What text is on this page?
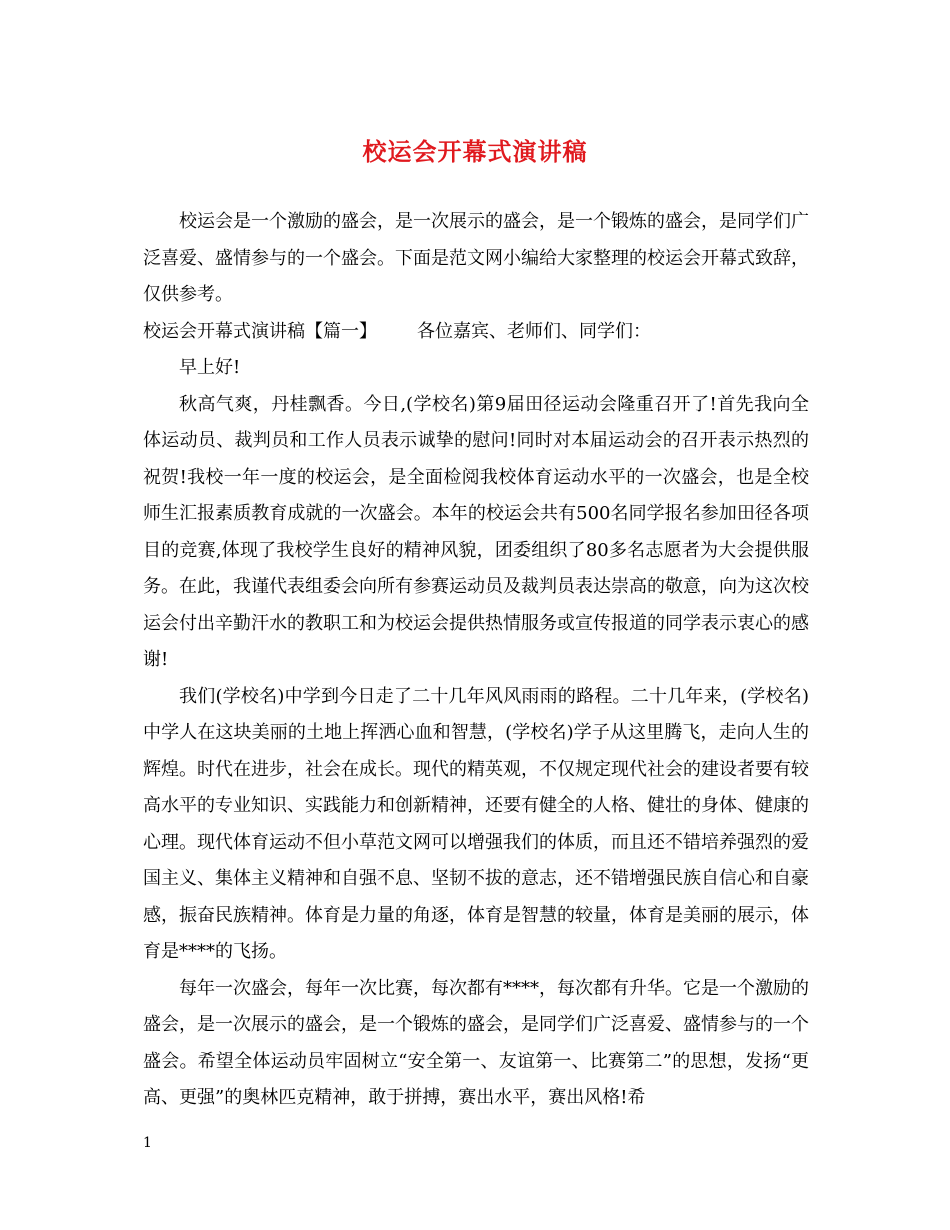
校运会开幕式演讲稿

校运会是一个激励的盛会，是一次展示的盛会，是一个锻炼的盛会，是同学们广泛喜爱、盛情参与的一个盛会。下面是范文网小编给大家整理的校运会开幕式致辞，仅供参考。

校运会开幕式演讲稿【篇一】 各位嘉宾、老师们、同学们：

早上好!

秋高气爽，丹桂飘香。今日,(学校名)第9届田径运动会隆重召开了!首先我向全体运动员、裁判员和工作人员表示诚挚的慰问!同时对本届运动会的召开表示热烈的祝贺!我校一年一度的校运会，是全面检阅我校体育运动水平的一次盛会，也是全校师生汇报素质教育成就的一次盛会。本年的校运会共有500名同学报名参加田径各项目的竞赛,体现了我校学生良好的精神风貌，团委组织了80多名志愿者为大会提供服务。在此，我谨代表组委会向所有参赛运动员及裁判员表达崇高的敬意，向为这次校运会付出辛勤汗水的教职工和为校运会提供热情服务或宣传报道的同学表示衷心的感谢!

我们(学校名)中学到今日走了二十几年风风雨雨的路程。二十几年来，(学校名)中学人在这块美丽的土地上挥洒心血和智慧，(学校名)学子从这里腾飞，走向人生的辉煌。时代在进步，社会在成长。现代的精英观，不仅规定现代社会的建设者要有较高水平的专业知识、实践能力和创新精神，还要有健全的人格、健壮的身体、健康的心理。现代体育运动不但小草范文网可以增强我们的体质，而且还不错培养强烈的爱国主义、集体主义精神和自强不息、坚韧不拔的意志，还不错增强民族自信心和自豪感，振奋民族精神。体育是力量的角逐，体育是智慧的较量，体育是美丽的展示，体育是****的飞扬。

每年一次盛会，每年一次比赛，每次都有****，每次都有升华。它是一个激励的盛会，是一次展示的盛会，是一个锻炼的盛会，是同学们广泛喜爱、盛情参与的一个盛会。希望全体运动员牢固树立“安全第一、友谊第一、比赛第二”的思想，发扬“更高、更强”的奥林匹克精神，敢于拼搏，赛出水平，赛出风格!希

1
